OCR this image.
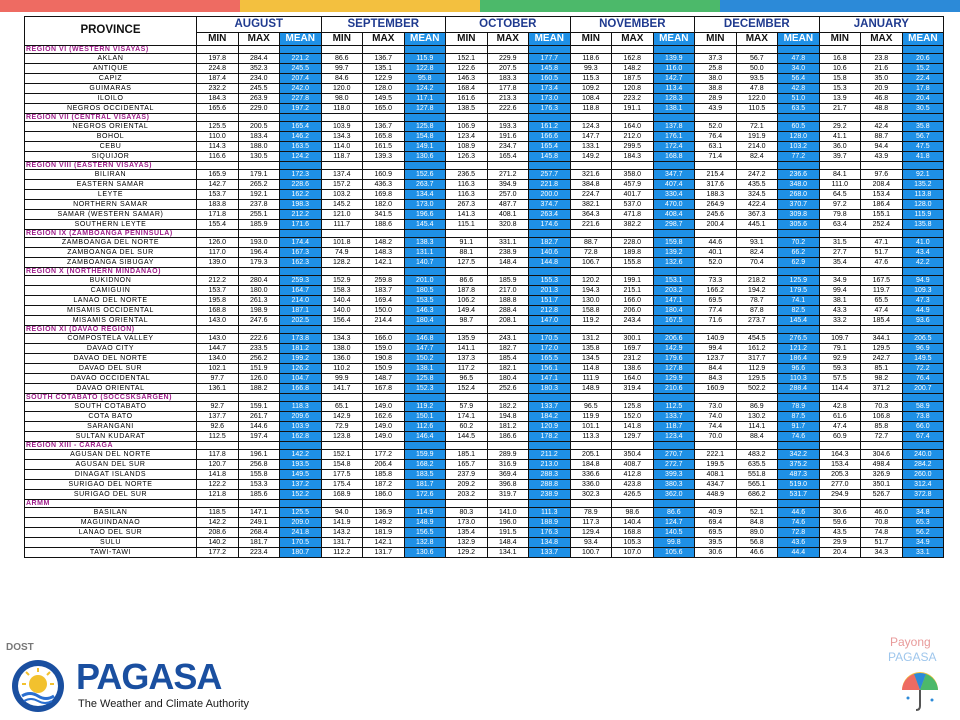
PROVINCE	AUGUST			SEPTEMBER			OCTOBER			NOVEMBER			DECEMBER			JANUARY		
	MIN	MAX	MEAN	MIN	MAX	MEAN	MIN	MAX	MEAN	MIN	MAX	MEAN	MIN	MAX	MEAN	MIN	MAX	MEAN
REGION VI (WESTERN VISAYAS)																		
AKLAN	197.8	284.4	221.2	86.6	136.7	115.9	152.1	229.9	177.7	118.6	162.8	139.9	37.3	56.7	47.8	16.8	23.8	20.6
ANTIQUE	224.8	352.3	245.5	99.7	135.1	122.8	122.6	207.5	145.8	99.3	148.2	116.0	25.8	50.0	34.0	10.6	21.6	15.2
CAPIZ	187.4	234.0	207.4	84.6	122.9	95.8	146.3	183.3	160.5	115.3	187.5	142.7	38.0	93.5	56.4	15.8	35.0	22.4
GUIMARAS	232.2	245.5	242.0	120.0	128.0	124.2	168.4	177.8	173.4	109.2	120.8	113.4	38.8	47.8	42.8	15.3	20.9	17.8
ILOILO	184.3	263.9	227.8	98.0	149.5	117.1	161.6	213.3	173.0	108.4	223.2	128.3	28.9	122.0	51.0	13.9	46.8	20.4
NEGROS OCCIDENTAL	165.6	229.0	197.2	118.0	165.0	127.8	138.5	222.6	176.3	118.8	191.1	138.1	43.9	110.5	63.5	21.7	48.8	30.5
REGION VII (CENTRAL VISAYAS)																		
NEGROS ORIENTAL	125.5	200.5	165.4	103.9	136.7	125.8	106.9	193.3	161.2	124.3	164.0	137.8	52.0	72.1	60.5	29.2	42.4	35.8
BOHOL	110.0	183.4	146.2	134.3	165.8	154.8	123.4	191.6	166.6	147.7	212.0	176.1	76.4	191.9	128.0	41.1	88.7	56.7
CEBU	114.3	188.0	163.5	114.0	161.5	149.1	108.9	234.7	165.4	133.1	299.5	172.4	63.1	214.0	103.2	36.0	94.4	47.5
SIQUIJOR	116.6	130.5	124.2	118.7	139.3	130.6	126.3	165.4	145.8	149.2	184.3	168.8	71.4	82.4	77.2	39.7	43.9	41.8
REGION VIII (EASTERN VISAYAS)																		
BILIRAN	165.9	179.1	172.3	137.4	160.9	152.6	236.5	271.2	257.7	321.6	358.0	347.7	215.4	247.2	236.6	84.1	97.6	92.1
EASTERN SAMAR	142.7	265.2	228.6	157.2	436.3	263.7	116.3	394.9	221.8	384.8	457.9	407.4	317.6	435.5	348.0	111.0	208.4	135.2
LEYTE	153.7	192.1	162.2	103.2	169.8	134.4	116.3	257.0	200.0	224.7	401.7	330.4	188.3	324.5	268.0	64.5	153.4	113.8
NORTHERN SAMAR	183.8	237.8	198.3	145.2	182.0	173.0	267.3	487.7	374.7	382.1	537.0	470.0	264.9	422.4	370.7	97.2	186.4	128.0
SAMAR (WESTERN SAMAR)	171.8	255.1	212.2	121.0	341.5	196.6	141.3	408.1	263.4	364.3	471.8	408.4	245.6	367.3	309.8	79.8	155.1	115.9
SOUTHERN LEYTE	155.4	185.9	171.6	111.7	188.6	145.4	115.1	320.8	174.6	221.6	382.2	298.7	200.4	445.1	305.6	63.4	252.4	135.8
REGION IX (ZAMBOANGA PENINSULA)																		
ZAMBOANGA DEL NORTE	126.0	193.0	174.4	101.8	148.2	138.3	91.1	331.1	182.7	88.7	228.0	159.8	44.6	93.1	70.2	31.5	47.1	41.0
ZAMBOANGA DEL SUR	117.0	196.4	167.3	74.9	148.3	131.1	88.1	238.9	140.6	72.8	189.8	139.2	40.1	82.4	66.2	27.7	51.7	43.4
ZAMBOANGA SIBUGAY	139.0	179.3	162.3	128.2	142.1	140.7	127.5	148.4	144.8	106.7	155.8	132.6	52.0	70.4	62.9	35.4	47.6	42.2
REGION X (NORTHERN MINDANAO)																		
BUKIDNON	212.2	280.4	259.3	152.9	259.8	201.0	86.6	185.9	155.3	120.2	199.1	153.1	73.3	218.2	125.9	34.9	167.5	94.9
CAMIGUIN	153.7	180.0	164.7	158.3	183.7	180.5	187.8	217.0	201.3	194.3	215.1	203.2	166.2	194.2	179.5	99.4	119.7	109.3
LANAO DEL NORTE	195.8	261.3	214.0	140.4	169.4	153.5	106.2	188.8	151.7	130.0	166.0	147.1	69.5	78.7	74.1	38.1	65.5	47.3
MISAMIS OCCIDENTAL	168.8	198.9	187.1	140.0	150.0	146.3	149.4	288.4	212.8	158.8	206.0	180.4	77.4	87.8	82.5	43.3	47.4	44.9
MISAMIS ORIENTAL	143.0	247.6	202.5	156.4	214.4	180.4	98.7	208.1	147.0	119.2	243.4	167.5	71.6	273.7	145.4	33.2	185.4	93.6
REGION XI (DAVAO REGION)																		
COMPOSTELA VALLEY	143.0	222.6	173.8	134.3	166.0	146.8	135.9	243.1	170.5	131.2	300.1	206.6	140.9	454.5	276.5	109.7	344.1	206.5
DAVAO CITY	144.7	233.5	181.2	138.0	159.0	147.7	141.1	182.7	172.0	135.8	169.7	142.9	99.4	161.2	121.2	79.1	129.5	96.9
DAVAO DEL NORTE	134.0	256.2	199.2	136.0	190.8	150.2	137.3	185.4	165.5	134.5	231.2	179.6	123.7	317.7	186.4	92.9	242.7	149.5
DAVAO DEL SUR	102.1	151.9	126.2	110.2	150.9	138.1	117.2	182.1	156.1	114.8	138.6	127.8	84.4	112.9	96.6	59.3	85.1	72.2
DAVAO OCCIDENTAL	97.7	126.0	104.7	99.9	148.7	125.8	96.5	180.4	147.1	111.9	164.0	129.9	84.3	129.5	110.3	57.5	98.2	76.4
DAVAO ORIENTAL	136.1	188.2	166.8	141.7	167.8	152.3	152.4	252.6	180.3	148.9	319.4	210.6	160.9	502.2	288.4	114.4	371.2	200.7
SOUTH COTABATO (SOCCSKSARGEN)																		
SOUTH COTABATO	92.7	159.1	118.3	65.1	149.0	119.2	57.9	182.2	133.7	96.5	125.8	112.5	73.0	86.9	78.9	42.8	70.3	58.9
COTA BATO	137.7	261.7	209.6	142.9	162.6	150.1	174.1	194.8	184.2	119.9	152.0	133.7	74.0	130.2	87.5	61.6	106.8	73.8
SARANGANI	92.6	144.6	103.9	72.9	149.0	112.6	60.2	181.2	120.9	101.1	141.8	118.7	74.4	114.1	91.7	47.4	85.8	66.0
SULTAN KUDARAT	112.5	197.4	162.8	123.8	149.0	146.4	144.5	186.6	178.2	113.3	129.7	123.4	70.0	88.4	74.6	60.9	72.7	67.4
REGION XIII - CARAGA																		
AGUSAN DEL NORTE	117.8	196.1	142.2	152.1	177.2	159.9	185.1	289.9	211.2	205.1	350.4	270.7	222.1	483.2	342.2	164.3	304.6	240.0
AGUSAN DEL SUR	120.7	256.8	193.5	154.8	206.4	168.2	165.7	316.9	213.0	184.8	408.7	272.7	199.5	635.5	375.2	153.4	498.4	284.2
DINAGAT ISLANDS	141.8	155.8	149.5	177.5	185.8	183.5	237.9	369.4	288.3	336.6	412.8	399.3	408.1	551.8	487.3	205.3	326.9	260.0
SURIGAO DEL NORTE	122.2	153.3	137.2	175.4	187.2	181.7	209.2	396.8	288.8	336.0	423.8	380.3	434.7	565.1	519.0	277.0	350.1	312.4
SURIGAO DEL SUR	121.8	185.6	152.2	168.9	186.0	172.6	203.2	319.7	238.9	302.3	426.5	362.0	448.9	686.2	531.7	294.9	526.7	372.8
ARMM																		
BASILAN	118.5	147.1	125.5	94.0	136.9	114.9	80.3	141.0	111.3	78.9	98.6	86.6	40.9	52.1	44.6	30.6	46.0	34.8
MAGUINDANAO	142.2	249.1	209.0	141.9	149.2	148.9	173.0	196.0	188.9	117.3	140.4	124.7	69.4	84.8	74.6	59.6	70.8	65.3
LANAO DEL SUR	208.6	268.4	241.8	143.2	181.9	156.5	135.4	191.5	176.3	129.4	168.8	140.5	69.5	89.0	72.8	43.5	74.8	56.2
SULU	140.2	181.7	170.5	131.7	142.1	132.8	132.9	148.4	134.8	93.4	105.3	99.8	39.5	56.8	43.6	29.9	51.7	34.9
TAWI-TAWI	177.2	223.4	180.7	112.2	131.7	130.6	129.2	134.1	133.7	100.7	107.0	105.6	30.6	46.6	44.4	20.4	34.3	33.1
DOST
PAGASA
The Weather and Climate Authority
Payong
PAGASA
